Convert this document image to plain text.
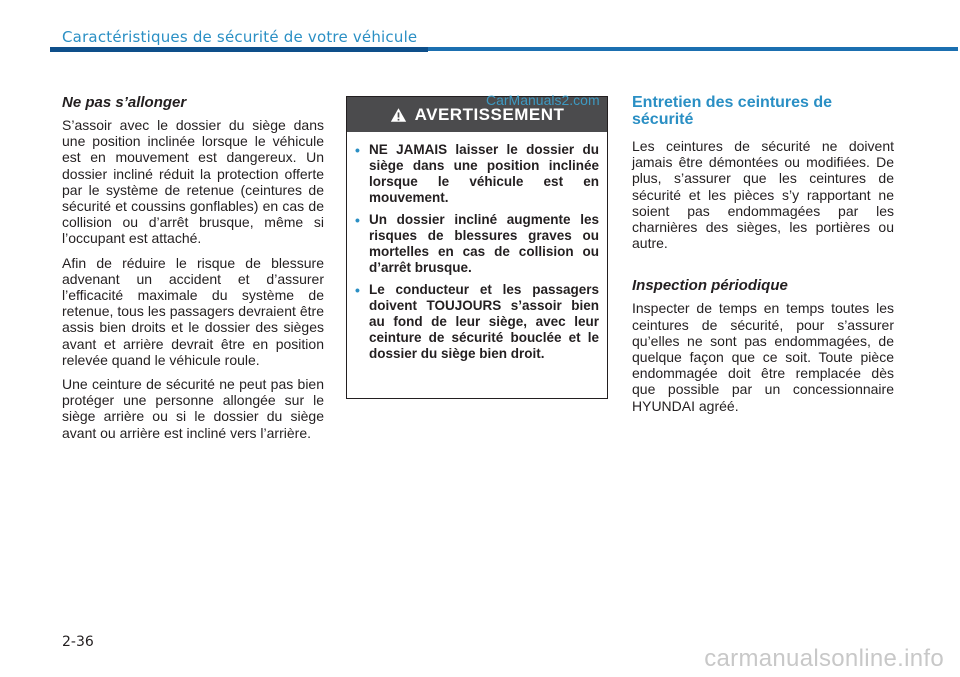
Caractéristiques de sécurité de votre véhicule
Ne pas s’allonger

S’assoir avec le dossier du siège dans une position inclinée lorsque le véhicule est en mouvement est dangereux. Un dossier incliné réduit la protection offerte par le système de retenue (ceintures de sécurité et coussins gonflables) en cas de collision ou d’arrêt brusque, même si l’occupant est attaché.

Afin de réduire le risque de blessure advenant un accident et d’assurer l’efficacité maximale du système de retenue, tous les passagers devraient être assis bien droits et le dossier des sièges avant et arrière devrait être en position relevée quand le véhicule roule.

Une ceinture de sécurité ne peut pas bien protéger une personne allongée sur le siège arrière ou si le dossier du siège avant ou arrière est incliné vers l’arrière.

AVERTISSEMENT
• NE JAMAIS laisser le dossier du siège dans une position inclinée lorsque le véhicule est en mouvement.
• Un dossier incliné augmente les risques de blessures graves ou mortelles en cas de collision ou d’arrêt brusque.
• Le conducteur et les passagers doivent TOUJOURS s’assoir bien au fond de leur siège, avec leur ceinture de sécurité bouclée et le dossier du siège bien droit.
CarManuals2.com Entretien des ceintures de sécurité

Les ceintures de sécurité ne doivent jamais être démontées ou modifiées. De plus, s’assurer que les ceintures de sécurité et les pièces s’y rapportant ne soient pas endommagées par les charnières des sièges, les portières ou autre.

Inspection périodique

Inspecter de temps en temps toutes les ceintures de sécurité, pour s’assurer qu’elles ne sont pas endommagées, de quelque façon que ce soit. Toute pièce endommagée doit être remplacée dès que possible par un concessionnaire HYUNDAI agréé.

2-36
carmanualsonline.info
